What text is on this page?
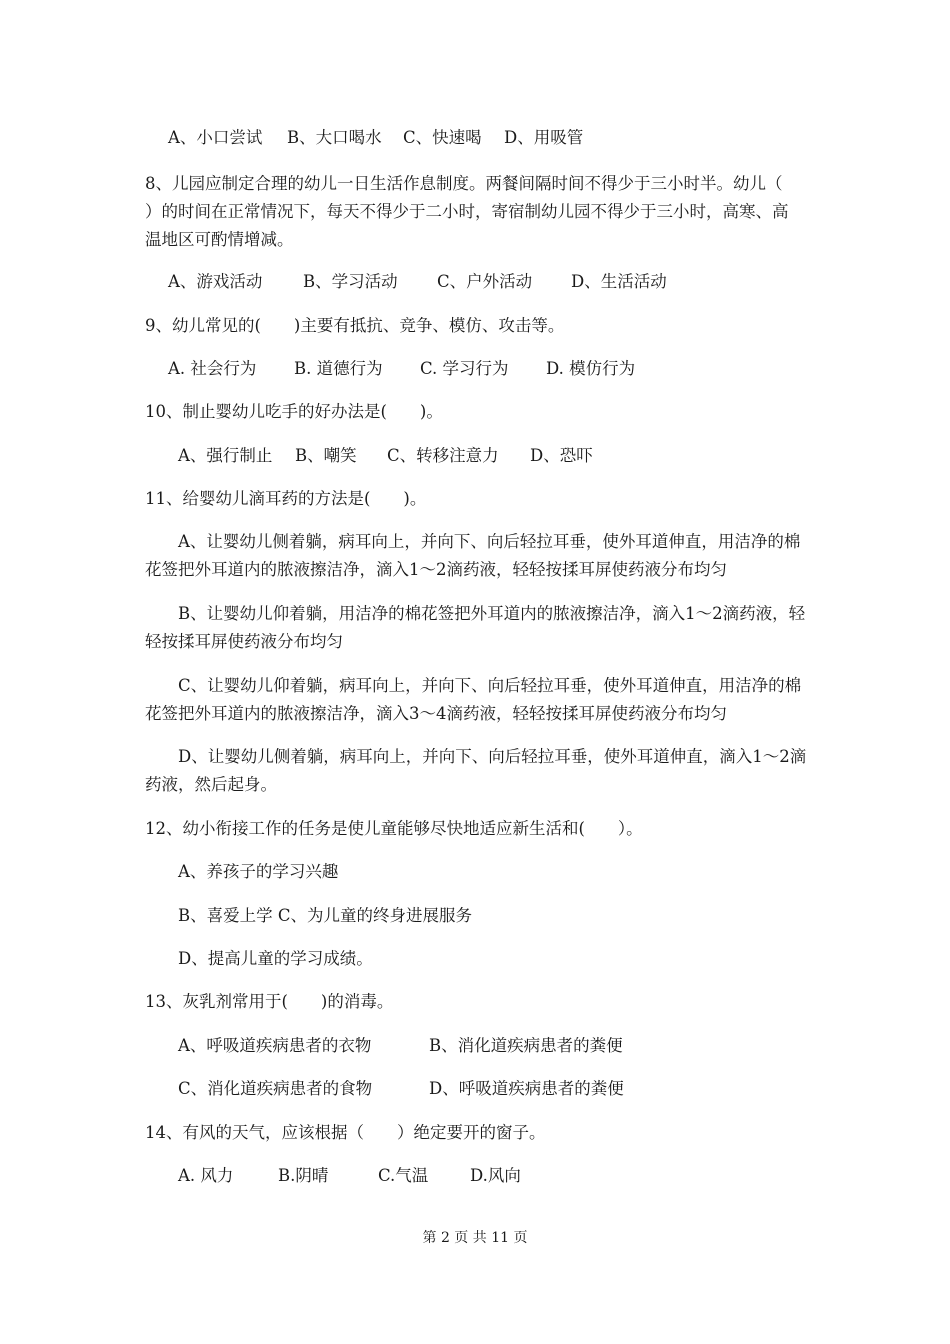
A、小口尝试 B、大口喝水 C、快速喝 D、用吸管
8、儿园应制定合理的幼儿一日生活作息制度。两餐间隔时间不得少于三小时半。幼儿（
）的时间在正常情况下，每天不得少于二小时，寄宿制幼儿园不得少于三小时，高寒、高
温地区可酌情增减。
A、游戏活动 B、学习活动 C、户外活动 D、生活活动
9、幼儿常见的(　　)主要有抵抗、竞争、模仿、攻击等。
A. 社会行为 B. 道德行为 C. 学习行为 D. 模仿行为
10、制止婴幼儿吃手的好办法是(　　)。
A、强行制止 B、嘲笑 C、转移注意力 D、恐吓
11、给婴幼儿滴耳药的方法是(　　)。
A、让婴幼儿侧着躺，病耳向上，并向下、向后轻拉耳垂，使外耳道伸直，用洁净的棉
花签把外耳道内的脓液擦洁净，滴入1～2滴药液，轻轻按揉耳屏使药液分布均匀
B、让婴幼儿仰着躺，用洁净的棉花签把外耳道内的脓液擦洁净，滴入1～2滴药液，轻
轻按揉耳屏使药液分布均匀
C、让婴幼儿仰着躺，病耳向上，并向下、向后轻拉耳垂，使外耳道伸直，用洁净的棉
花签把外耳道内的脓液擦洁净，滴入3～4滴药液，轻轻按揉耳屏使药液分布均匀
D、让婴幼儿侧着躺，病耳向上，并向下、向后轻拉耳垂，使外耳道伸直，滴入1～2滴
药液，然后起身。
12、幼小衔接工作的任务是使儿童能够尽快地适应新生活和(　　）。
A、养孩子的学习兴趣
B、喜爱上学 C、为儿童的终身进展服务
D、提高儿童的学习成绩。
13、灰乳剂常用于(　　)的消毒。
A、呼吸道疾病患者的衣物	B、消化道疾病患者的粪便
C、消化道疾病患者的食物	D、呼吸道疾病患者的粪便
14、有风的天气，应该根据（　　）绝定要开的窗子。
A. 风力	B.阴晴	C.气温	D.风向
第 2 页 共 11 页
